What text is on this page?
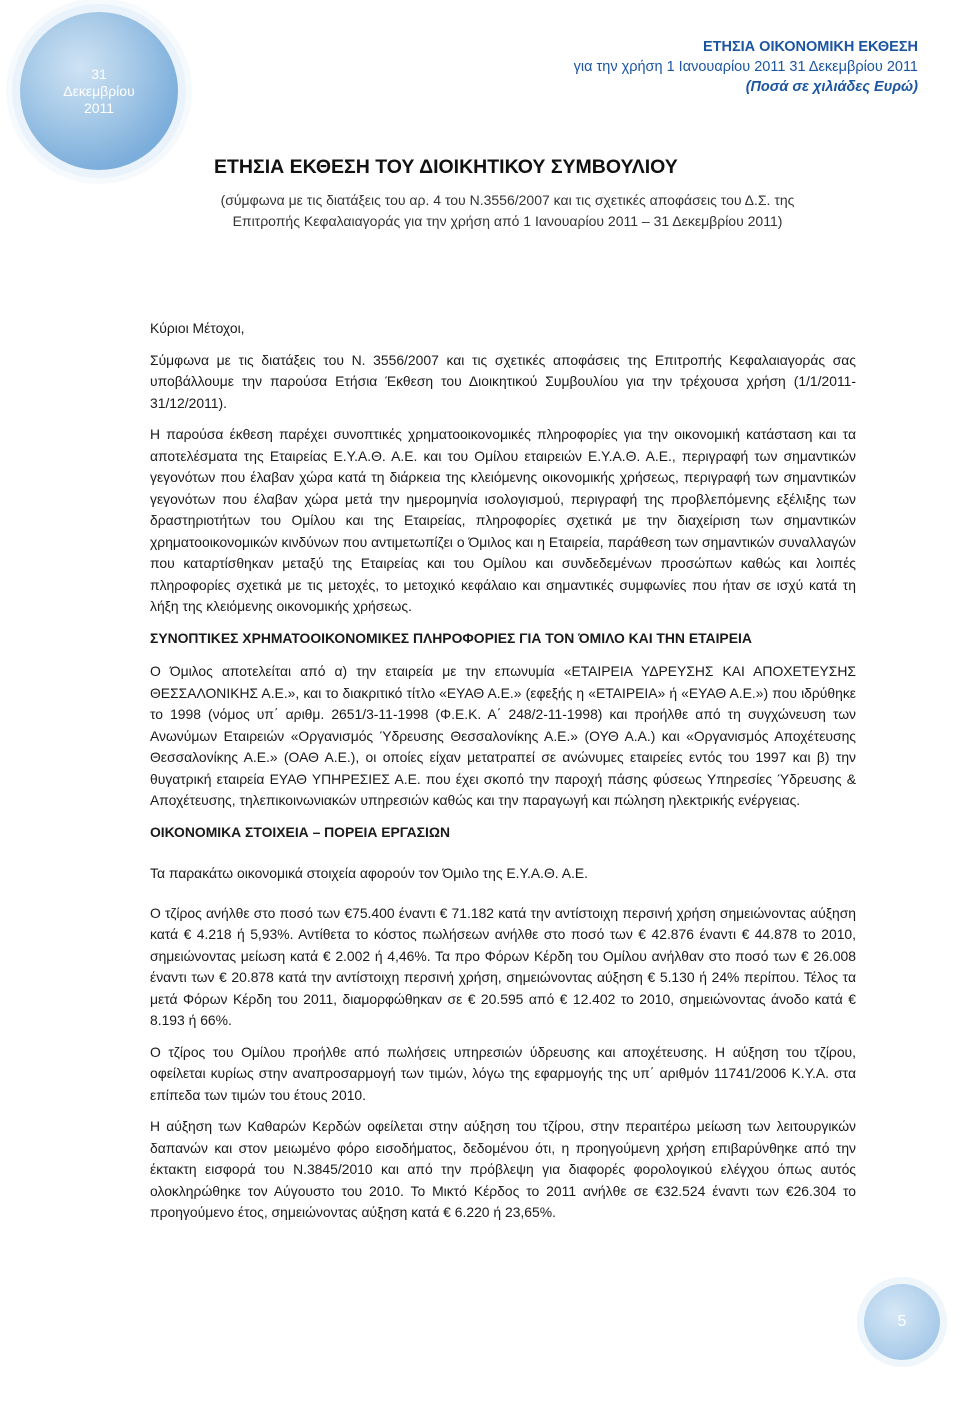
31
Δεκεμβρίου
2011
ΕΤΗΣΙΑ ΟΙΚΟΝΟΜΙΚΗ ΕΚΘΕΣΗ
για την χρήση 1 Ιανουαρίου 2011 31 Δεκεμβρίου 2011
(Ποσά σε χιλιάδες Ευρώ)
ΕΤΗΣΙΑ ΕΚΘΕΣΗ ΤΟΥ ΔΙΟΙΚΗΤΙΚΟΥ ΣΥΜΒΟΥΛΙΟΥ
(σύμφωνα με τις διατάξεις του αρ. 4 του Ν.3556/2007 και τις σχετικές αποφάσεις του Δ.Σ. της
Επιτροπής Κεφαλαιαγοράς για την χρήση από 1 Ιανουαρίου 2011 – 31 Δεκεμβρίου 2011)

Κύριοι Μέτοχοι,

Σύμφωνα με τις διατάξεις του Ν. 3556/2007 και τις σχετικές αποφάσεις της Επιτροπής Κεφαλαιαγοράς σας υποβάλλουμε την παρούσα Ετήσια Έκθεση του Διοικητικού Συμβουλίου για την τρέχουσα χρήση (1/1/2011-31/12/2011).

Η παρούσα έκθεση παρέχει συνοπτικές χρηματοοικονομικές πληροφορίες για την οικονομική κατάσταση και τα αποτελέσματα της Εταιρείας Ε.Υ.Α.Θ. Α.Ε. και του Ομίλου εταιρειών Ε.Υ.Α.Θ. Α.Ε., περιγραφή των σημαντικών γεγονότων που έλαβαν χώρα κατά τη διάρκεια της κλειόμενης οικονομικής χρήσεως, περιγραφή των σημαντικών γεγονότων που έλαβαν χώρα μετά την ημερομηνία ισολογισμού, περιγραφή της προβλεπόμενης εξέλιξης των δραστηριοτήτων του Ομίλου και της Εταιρείας, πληροφορίες σχετικά με την διαχείριση των σημαντικών χρηματοοικονομικών κινδύνων που αντιμετωπίζει ο Όμιλος και η Εταιρεία, παράθεση των σημαντικών συναλλαγών που καταρτίσθηκαν μεταξύ της Εταιρείας και του Ομίλου και συνδεδεμένων προσώπων καθώς και λοιπές πληροφορίες σχετικά με τις μετοχές, το μετοχικό κεφάλαιο και σημαντικές συμφωνίες που ήταν σε ισχύ κατά τη λήξη της κλειόμενης οικονομικής χρήσεως.

ΣΥΝΟΠΤΙΚΕΣ ΧΡΗΜΑΤΟΟΙΚΟΝΟΜΙΚΕΣ ΠΛΗΡΟΦΟΡΙΕΣ ΓΙΑ ΤΟΝ ΌΜΙΛΟ ΚΑΙ ΤΗΝ ΕΤΑΙΡΕΙΑ

Ο Όμιλος αποτελείται από α) την εταιρεία με την επωνυμία «ΕΤΑΙΡΕΙΑ ΥΔΡΕΥΣΗΣ ΚΑΙ ΑΠΟΧΕΤΕΥΣΗΣ ΘΕΣΣΑΛΟΝΙΚΗΣ Α.Ε.», και το διακριτικό τίτλο «ΕΥΑΘ Α.Ε.» (εφεξής η «ΕΤΑΙΡΕΙΑ» ή «ΕΥΑΘ Α.Ε.») που ιδρύθηκε το 1998 (νόμος υπ΄ αριθμ. 2651/3-11-1998 (Φ.Ε.Κ. Α΄ 248/2-11-1998) και προήλθε από τη συγχώνευση των Ανωνύμων Εταιρειών «Οργανισμός Ύδρευσης Θεσσαλονίκης Α.Ε.» (ΟΥΘ Α.Α.) και «Οργανισμός Αποχέτευσης Θεσσαλονίκης Α.Ε.» (ΟΑΘ Α.Ε.), οι οποίες είχαν μετατραπεί σε ανώνυμες εταιρείες εντός του 1997 και β) την θυγατρική εταιρεία ΕΥΑΘ ΥΠΗΡΕΣΙΕΣ Α.Ε. που έχει σκοπό την παροχή πάσης φύσεως Υπηρεσίες Ύδρευσης & Αποχέτευσης, τηλεπικοινωνιακών υπηρεσιών καθώς και την παραγωγή και πώληση ηλεκτρικής ενέργειας.

ΟΙΚΟΝΟΜΙΚΑ ΣΤΟΙΧΕΙΑ – ΠΟΡΕΙΑ ΕΡΓΑΣΙΩΝ

Τα παρακάτω οικονομικά στοιχεία αφορούν τον Όμιλο της Ε.Υ.Α.Θ. Α.Ε.

Ο τζίρος ανήλθε στο ποσό των €75.400 έναντι € 71.182 κατά την αντίστοιχη περσινή χρήση σημειώνοντας αύξηση κατά € 4.218 ή 5,93%. Αντίθετα το κόστος πωλήσεων ανήλθε στο ποσό των € 42.876 έναντι € 44.878 το 2010, σημειώνοντας μείωση κατά € 2.002 ή 4,46%. Τα προ Φόρων Κέρδη του Ομίλου ανήλθαν στο ποσό των € 26.008 έναντι των € 20.878 κατά την αντίστοιχη περσινή χρήση, σημειώνοντας αύξηση € 5.130 ή 24% περίπου. Τέλος τα μετά Φόρων Κέρδη του 2011, διαμορφώθηκαν σε € 20.595 από € 12.402 το 2010, σημειώνοντας άνοδο κατά € 8.193 ή 66%.

Ο τζίρος του Ομίλου προήλθε από πωλήσεις υπηρεσιών ύδρευσης και αποχέτευσης. Η αύξηση του τζίρου, οφείλεται κυρίως στην αναπροσαρμογή των τιμών, λόγω της εφαρμογής της υπ΄ αριθμόν 11741/2006 Κ.Υ.Α. στα επίπεδα των τιμών του έτους 2010.

Η αύξηση των Καθαρών Κερδών οφείλεται στην αύξηση του τζίρου, στην περαιτέρω μείωση των λειτουργικών δαπανών και στον μειωμένο φόρο εισοδήματος, δεδομένου ότι, η προηγούμενη χρήση επιβαρύνθηκε από την έκτακτη εισφορά του Ν.3845/2010 και από την πρόβλεψη για διαφορές φορολογικού ελέγχου όπως αυτός ολοκληρώθηκε τον Αύγουστο του 2010. Το Μικτό Κέρδος το 2011 ανήλθε σε €32.524 έναντι των €26.304 το προηγούμενο έτος, σημειώνοντας αύξηση κατά € 6.220 ή 23,65%.

5
